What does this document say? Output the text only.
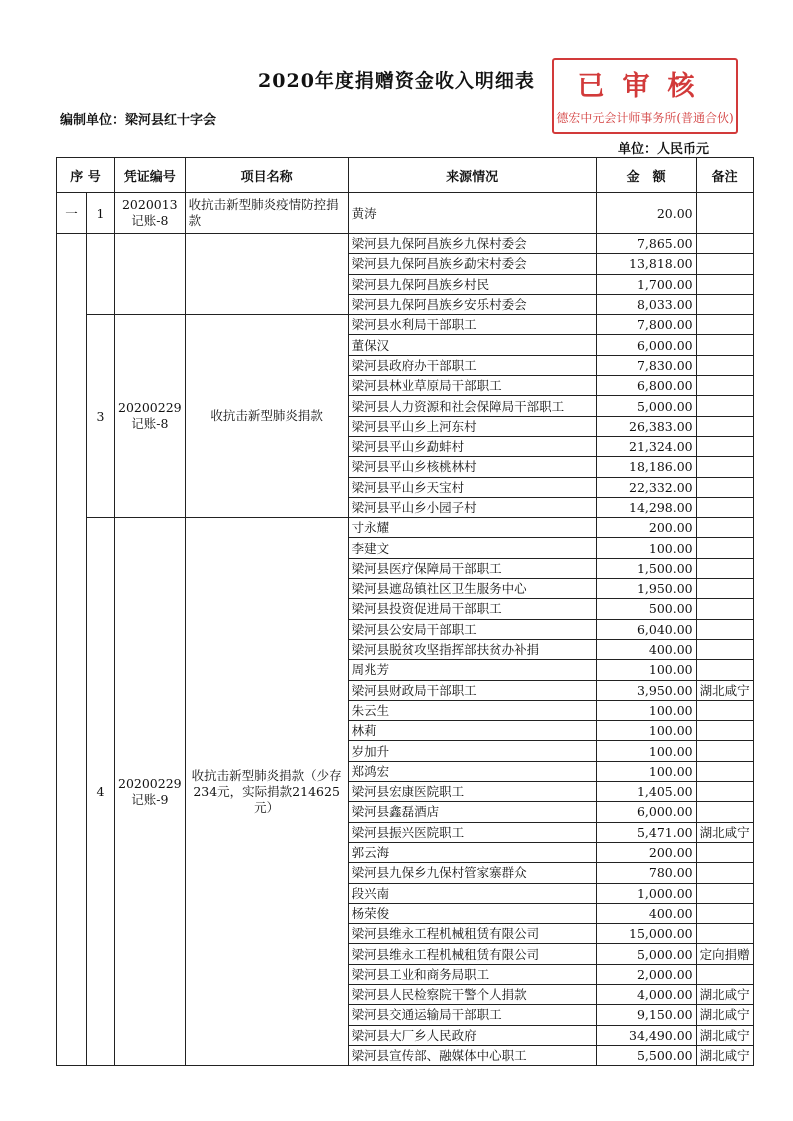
2020年度捐赠资金收入明细表
编制单位：梁河县红十字会
单位：人民币元
已审核
德宏中元会计师事务所(普通合伙)
序 号		凭证编号	项目名称	来源情况	金　额	备注
一	1	2020013记账-8	收抗击新型肺炎疫情防控捐款	黄涛	20.00	
				梁河县九保阿昌族乡九保村委会	7,865.00	
				梁河县九保阿昌族乡勐宋村委会	13,818.00	
				梁河县九保阿昌族乡村民	1,700.00	
				梁河县九保阿昌族乡安乐村委会	8,033.00	
	3	20200229记账-8	收抗击新型肺炎捐款	梁河县水利局干部职工	7,800.00	
				董保汉	6,000.00	
				梁河县政府办干部职工	7,830.00	
				梁河县林业草原局干部职工	6,800.00	
				梁河县人力资源和社会保障局干部职工	5,000.00	
				梁河县平山乡上河东村	26,383.00	
				梁河县平山乡勐蚌村	21,324.00	
				梁河县平山乡核桃林村	18,186.00	
				梁河县平山乡天宝村	22,332.00	
				梁河县平山乡小园子村	14,298.00	
	4	20200229记账-9	收抗击新型肺炎捐款（少存234元，实际捐款214625元）	寸永耀	200.00	
				李建文	100.00	
				梁河县医疗保障局干部职工	1,500.00	
				梁河县遮岛镇社区卫生服务中心	1,950.00	
				梁河县投资促进局干部职工	500.00	
				梁河县公安局干部职工	6,040.00	
				梁河县脱贫攻坚指挥部扶贫办补捐	400.00	
				周兆芳	100.00	
				梁河县财政局干部职工	3,950.00	湖北咸宁
				朱云生	100.00	
				林莉	100.00	
				岁加升	100.00	
				郑鸿宏	100.00	
				梁河县宏康医院职工	1,405.00	
				梁河县鑫磊酒店	6,000.00	
				梁河县振兴医院职工	5,471.00	湖北咸宁
				郭云海	200.00	
				梁河县九保乡九保村管家寨群众	780.00	
				段兴南	1,000.00	
				杨荣俊	400.00	
				梁河县维永工程机械租赁有限公司	15,000.00	
				梁河县维永工程机械租赁有限公司	5,000.00	定向捐赠
				梁河县工业和商务局职工	2,000.00	
				梁河县人民检察院干警个人捐款	4,000.00	湖北咸宁
				梁河县交通运输局干部职工	9,150.00	湖北咸宁
				梁河县大厂乡人民政府	34,490.00	湖北咸宁
				梁河县宣传部、融媒体中心职工	5,500.00	湖北咸宁
